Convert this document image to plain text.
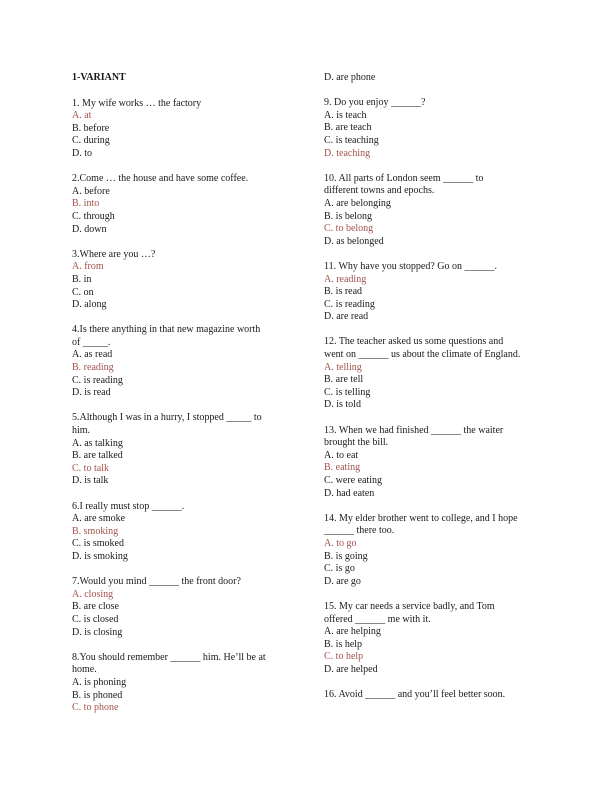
1-VARIANT
1. My wife works … the factory
A. at
B. before
C. during
D. to
2.Come … the house and have some coffee.
A. before
B. into
C. through
D. down
3.Where are you …?
A. from
B. in
C. on
D. along
4.Is there anything in that new magazine worth
of _____.
A. as read
B. reading
C. is reading
D. is read
5.Although I was in a hurry, I stopped _____ to
him.
A. as talking
B. are talked
C. to talk
D. is talk
6.I really must stop ______.
A. are smoke
B. smoking
C. is smoked
D. is smoking
7.Would you mind ______ the front door?
A. closing
B. are close
C. is closed
D. is closing
8.You should remember ______ him. He’ll be at
home.
A. is phoning
B. is phoned
C. to phone
D. are phone
9. Do you enjoy ______?
A. is teach
B. are teach
C. is teaching
D. teaching
10. All parts of London seem ______ to
different towns and epochs.
A. are belonging
B. is belong
C. to belong
D. as belonged
11. Why have you stopped? Go on ______.
A. reading
B. is read
C. is reading
D. are read
12. The teacher asked us some questions and
went on ______ us about the climate of England.
A. telling
B. are tell
C. is telling
D. is told
13. When we had finished ______ the waiter
brought the bill.
A. to eat
B. eating
C. were eating
D. had eaten
14. My elder brother went to college, and I hope
______ there too.
A. to go
B. is going
C. is go
D. are go
15. My car needs a service badly, and Tom
offered ______ me with it.
A. are helping
B. is help
C. to help
D. are helped
16. Avoid ______ and you’ll feel better soon.
